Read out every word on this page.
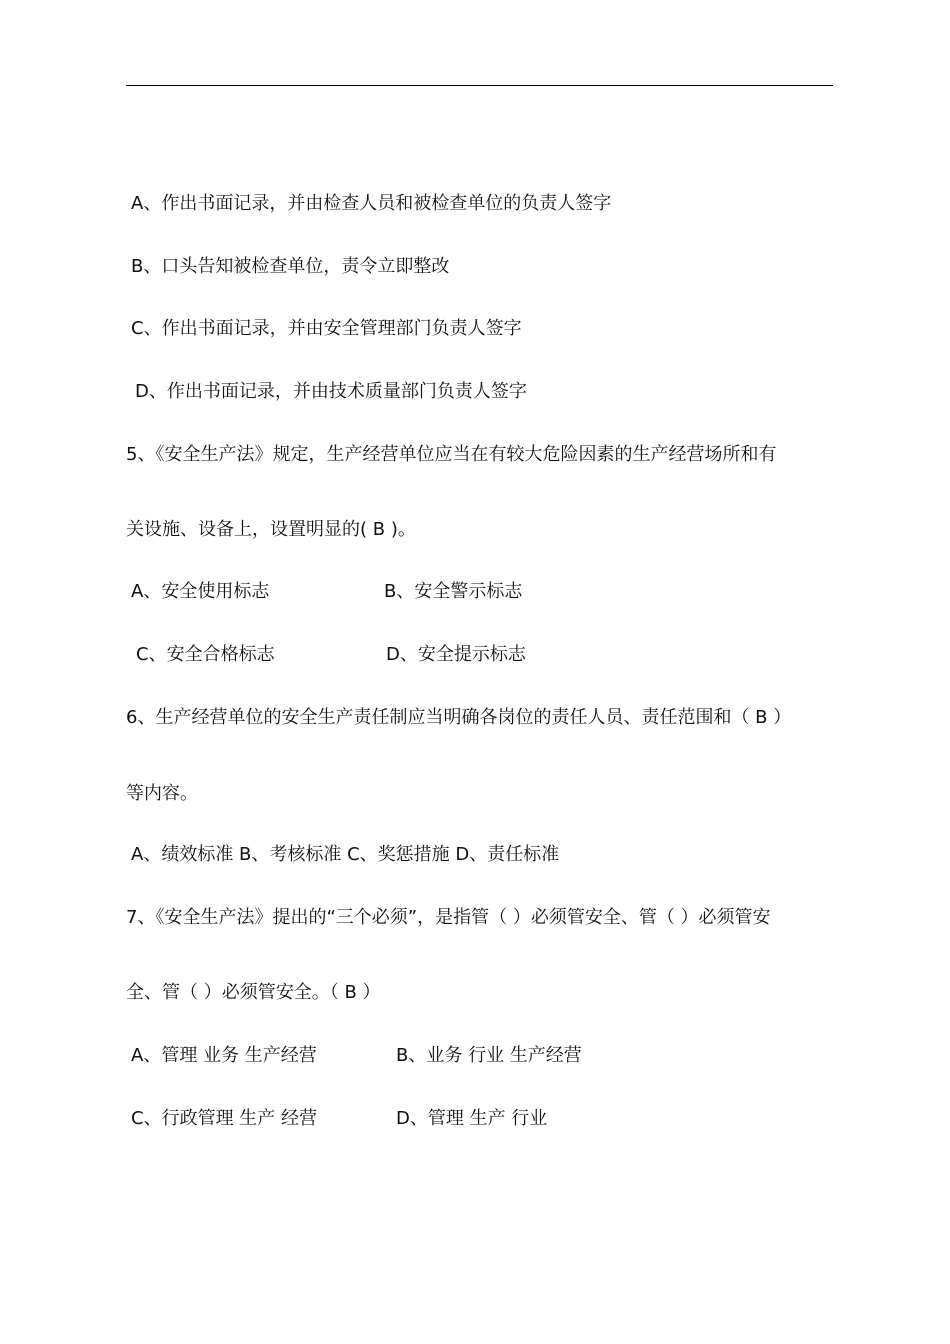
A、作出书面记录，并由检查人员和被检查单位的负责人签字
B、口头告知被检查单位，责令立即整改
C、作出书面记录，并由安全管理部门负责人签字
D、作出书面记录，并由技术质量部门负责人签字
5、《安全生产法》规定，生产经营单位应当在有较大危险因素的生产经营场所和有
关设施、设备上，设置明显的( B )。
A、安全使用标志	B、安全警示标志
C、安全合格标志	D、安全提示标志
6、生产经营单位的安全生产责任制应当明确各岗位的责任人员、责任范围和（ B ）
等内容。
A、绩效标准 B、考核标准 C、奖惩措施 D、责任标准
7、《安全生产法》提出的“三个必须”，是指管（ ）必须管安全、管（ ）必须管安
全、管（ ）必须管安全。（ B ）
A、管理 业务 生产经营	B、业务 行业 生产经营
C、行政管理 生产 经营	D、管理 生产 行业
